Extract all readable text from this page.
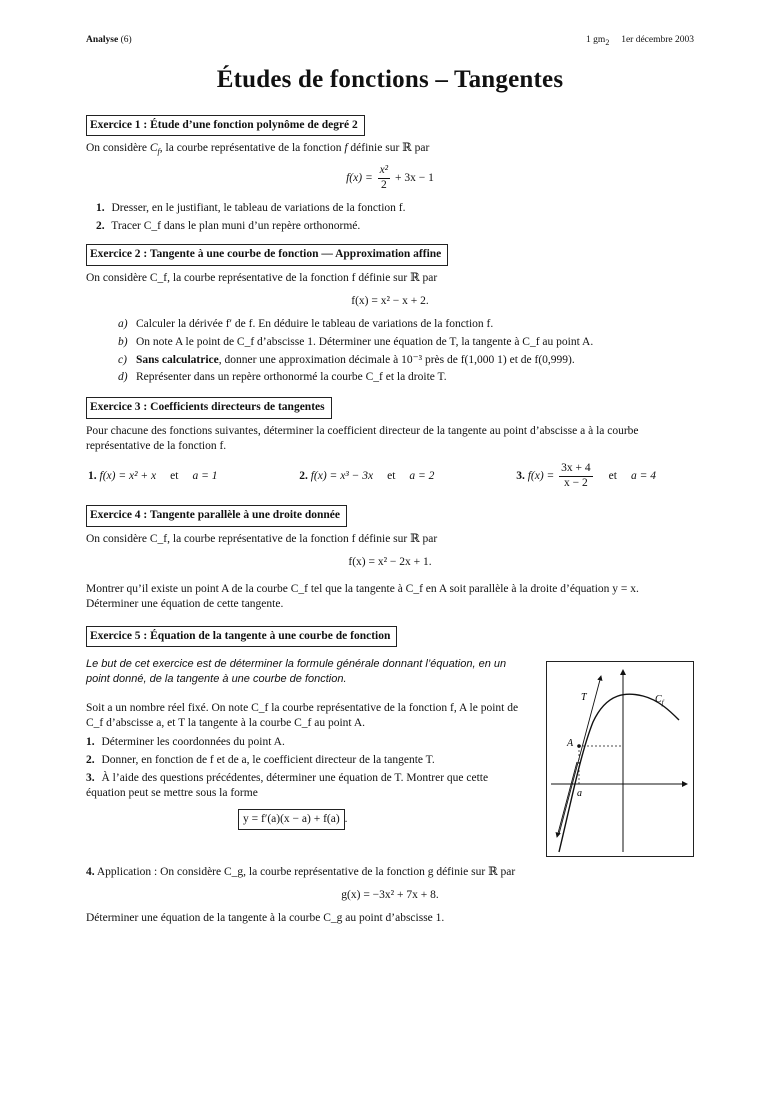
Analyse (6)	1 $gm_2$ 1er décembre 2003
Études de fonctions – Tangentes
Exercice 1 : Étude d’une fonction polynôme de degré 2
On considère $C_f$, la courbe représentative de la fonction f définie sur ℝ par
$f(x) = \frac{\text{x²}}{2} + 3x - 1$
1. Dresser, en le justifiant, le tableau de variations de la fonction f.
2. Tracer C_f dans le plan muni d’un repère orthonormé.
Exercice 2 : Tangente à une courbe de fonction — Approximation affine
On considère C_f, la courbe représentative de la fonction f définie sur ℝ par
f(x) = x² − x + 2.
a) Calculer la dérivée f′ de f. En déduire le tableau de variations de la fonction f.
b) On note A le point de C_f d’abscisse 1. Déterminer une équation de T, la tangente à C_f au point A.
c) Sans calculatrice, donner une approximation décimale à 10⁻³ près de f(1,000 1) et de f(0,999).
d) Représenter dans un repère orthonormé la courbe C_f et la droite T.
Exercice 3 : Coefficients directeurs de tangentes
Pour chacune des fonctions suivantes, déterminer la coefficient directeur de la tangente au point d’abscisse a à la courbe représentative de la fonction f.
1. f(x) = x² + x et a = 1	2. f(x) = x³ − 3x et a = 2	3. $f(x) = \frac{3x + 4}{x - 2}$ et a = 4
Exercice 4 : Tangente parallèle à une droite donnée
On considère C_f, la courbe représentative de la fonction f définie sur ℝ par
f(x) = x² − 2x + 1.
Montrer qu’il existe un point A de la courbe C_f tel que la tangente à C_f en A soit parallèle à la droite d’équation y = x.
Déterminer une équation de cette tangente.
Exercice 5 : Équation de la tangente à une courbe de fonction
Le but de cet exercice est de déterminer la formule générale donnant l’équation, en un point donné, de la tangente à une courbe de fonction.
Soit a un nombre réel fixé. On note C_f la courbe représentative de la fonction f, A le point de C_f d’abscisse a, et T la tangente à la courbe C_f au point A.
1. Déterminer les coordonnées du point A.
2. Donner, en fonction de f et de a, le coefficient directeur de la tangente T.
3. À l’aide des questions précédentes, déterminer une équation de T. Montrer que cette équation peut se mettre sous la forme
y = f′(a)(x − a) + f(a) .
T	$C_f$
A
a
4. Application : On considère C_g, la courbe représentative de la fonction g définie sur ℝ par
g(x) = −3x² + 7x + 8.
Déterminer une équation de la tangente à la courbe C_g au point d’abscisse 1.
